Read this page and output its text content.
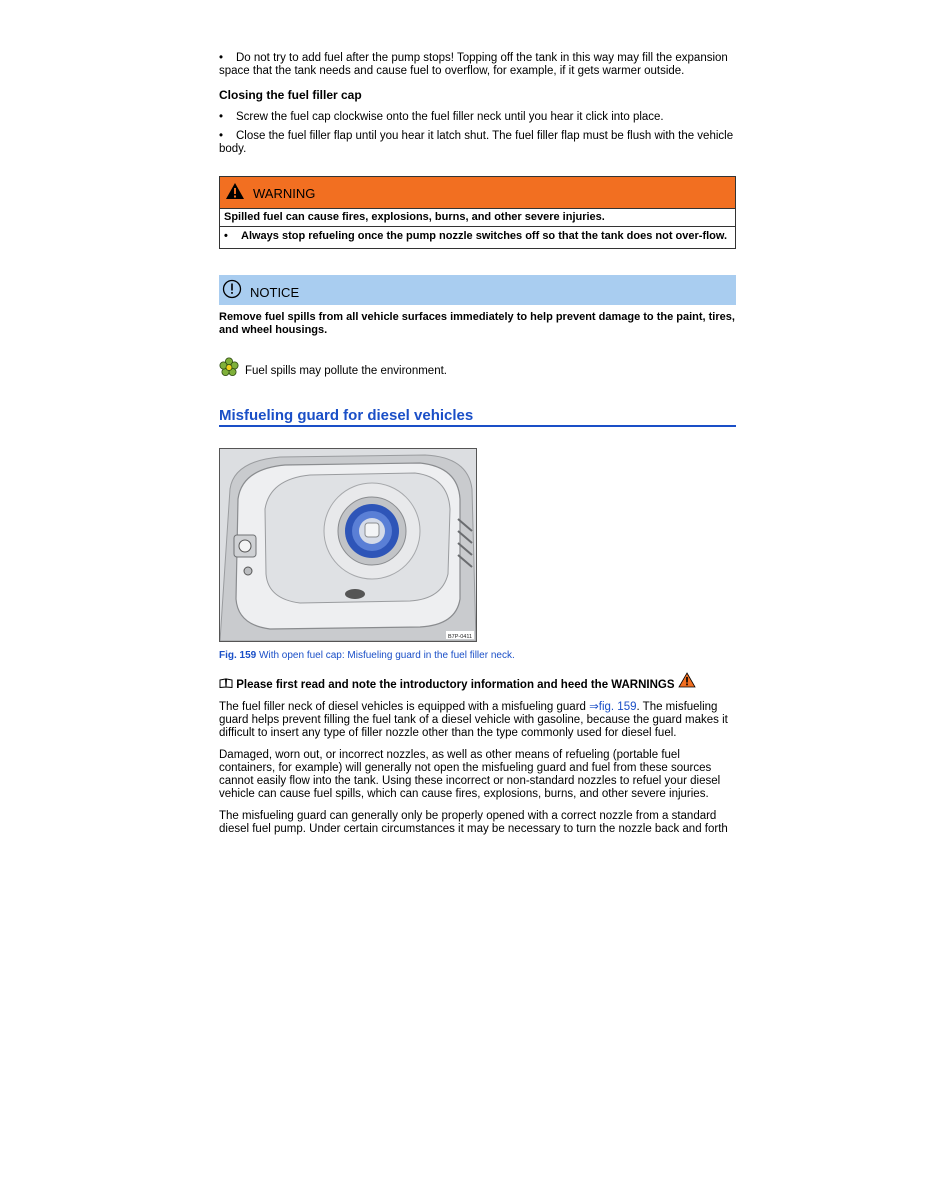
• Do not try to add fuel after the pump stops! Topping off the tank in this way may fill the expansion space that the tank needs and cause fuel to overflow, for example, if it gets warmer outside.

Closing the fuel filler cap

• Screw the fuel cap clockwise onto the fuel filler neck until you hear it click into place.

• Close the fuel filler flap until you hear it latch shut. The fuel filler flap must be flush with the vehicle body.

WARNING

Spilled fuel can cause fires, explosions, burns, and other severe injuries.

• Always stop refueling once the pump nozzle switches off so that the tank does not over-flow.

NOTICE

Remove fuel spills from all vehicle surfaces immediately to help prevent damage to the paint, tires, and wheel housings.

Fuel spills may pollute the environment.
Misfueling guard for diesel vehicles
B7P-0411

Fig. 159 With open fuel cap: Misfueling guard in the fuel filler neck.

Please first read and note the introductory information and heed the WARNINGS

The fuel filler neck of diesel vehicles is equipped with a misfueling guard ⇒fig. 159. The misfueling guard helps prevent filling the fuel tank of a diesel vehicle with gasoline, because the guard makes it difficult to insert any type of filler nozzle other than the type commonly used for diesel fuel.

Damaged, worn out, or incorrect nozzles, as well as other means of refueling (portable fuel containers, for example) will generally not open the misfueling guard and fuel from these sources cannot easily flow into the tank. Using these incorrect or non-standard nozzles to refuel your diesel vehicle can cause fuel spills, which can cause fires, explosions, burns, and other severe injuries.

The misfueling guard can generally only be properly opened with a correct nozzle from a standard diesel fuel pump. Under certain circumstances it may be necessary to turn the nozzle back and forth
